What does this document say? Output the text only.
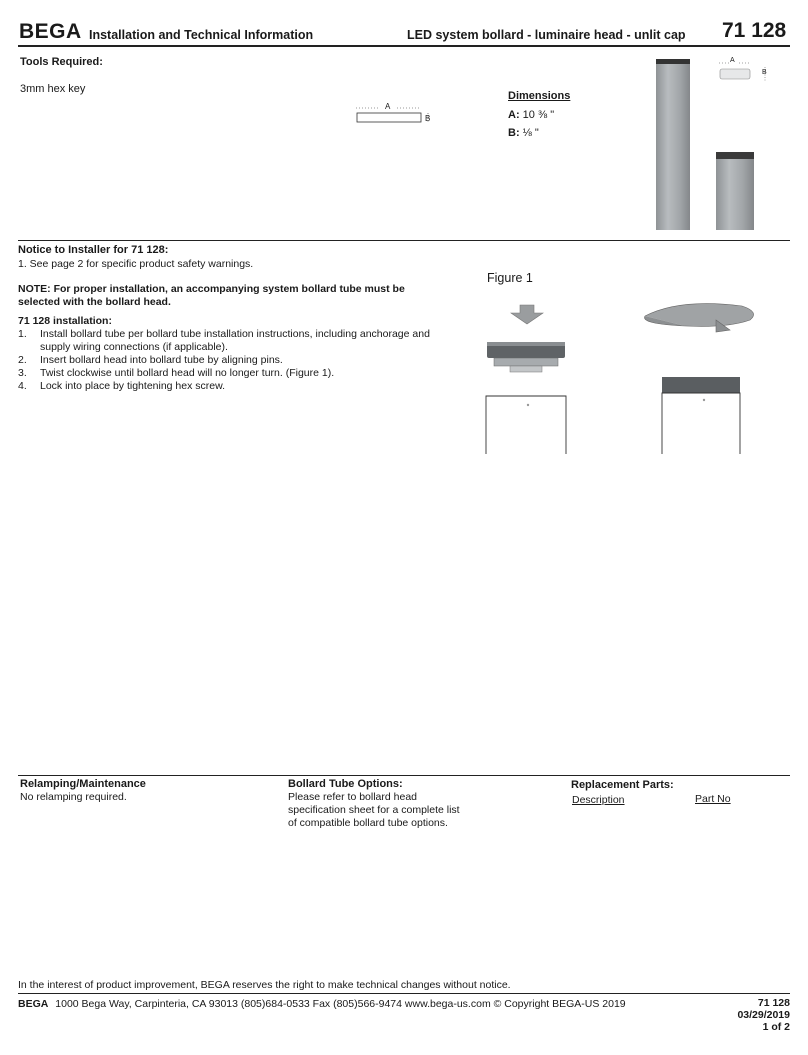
BEGA Installation and Technical Information	LED system bollard - luminaire head - unlit cap 71 128
Tools Required:
3mm hex key
A
B
Dimensions
A: 10 ⅜ "
B: ⅛ "
A
B
Notice to Installer for 71 128:
1. See page 2 for specific product safety warnings.
NOTE: For proper installation, an accompanying system bollard tube must be selected with the bollard head.
71 128 installation:
1. Install bollard tube per bollard tube installation instructions, including anchorage and supply wiring connections (if applicable).
2. Insert bollard head into bollard tube by aligning pins.
3. Twist clockwise until bollard head will no longer turn. (Figure 1).
4. Lock into place by tightening hex screw.
Figure 1
Relamping/Maintenance
No relamping required.
Bollard Tube Options:
Please refer to bollard head
specification sheet for a complete list
of compatible bollard tube options.
Replacement Parts:
Description	Part No
In the interest of product improvement, BEGA reserves the right to make technical changes without notice.
BEGA 1000 Bega Way, Carpinteria, CA 93013 (805)684-0533 Fax (805)566-9474 www.bega-us.com © Copyright BEGA-US 2019	71 128
03/29/2019
1 of 2
